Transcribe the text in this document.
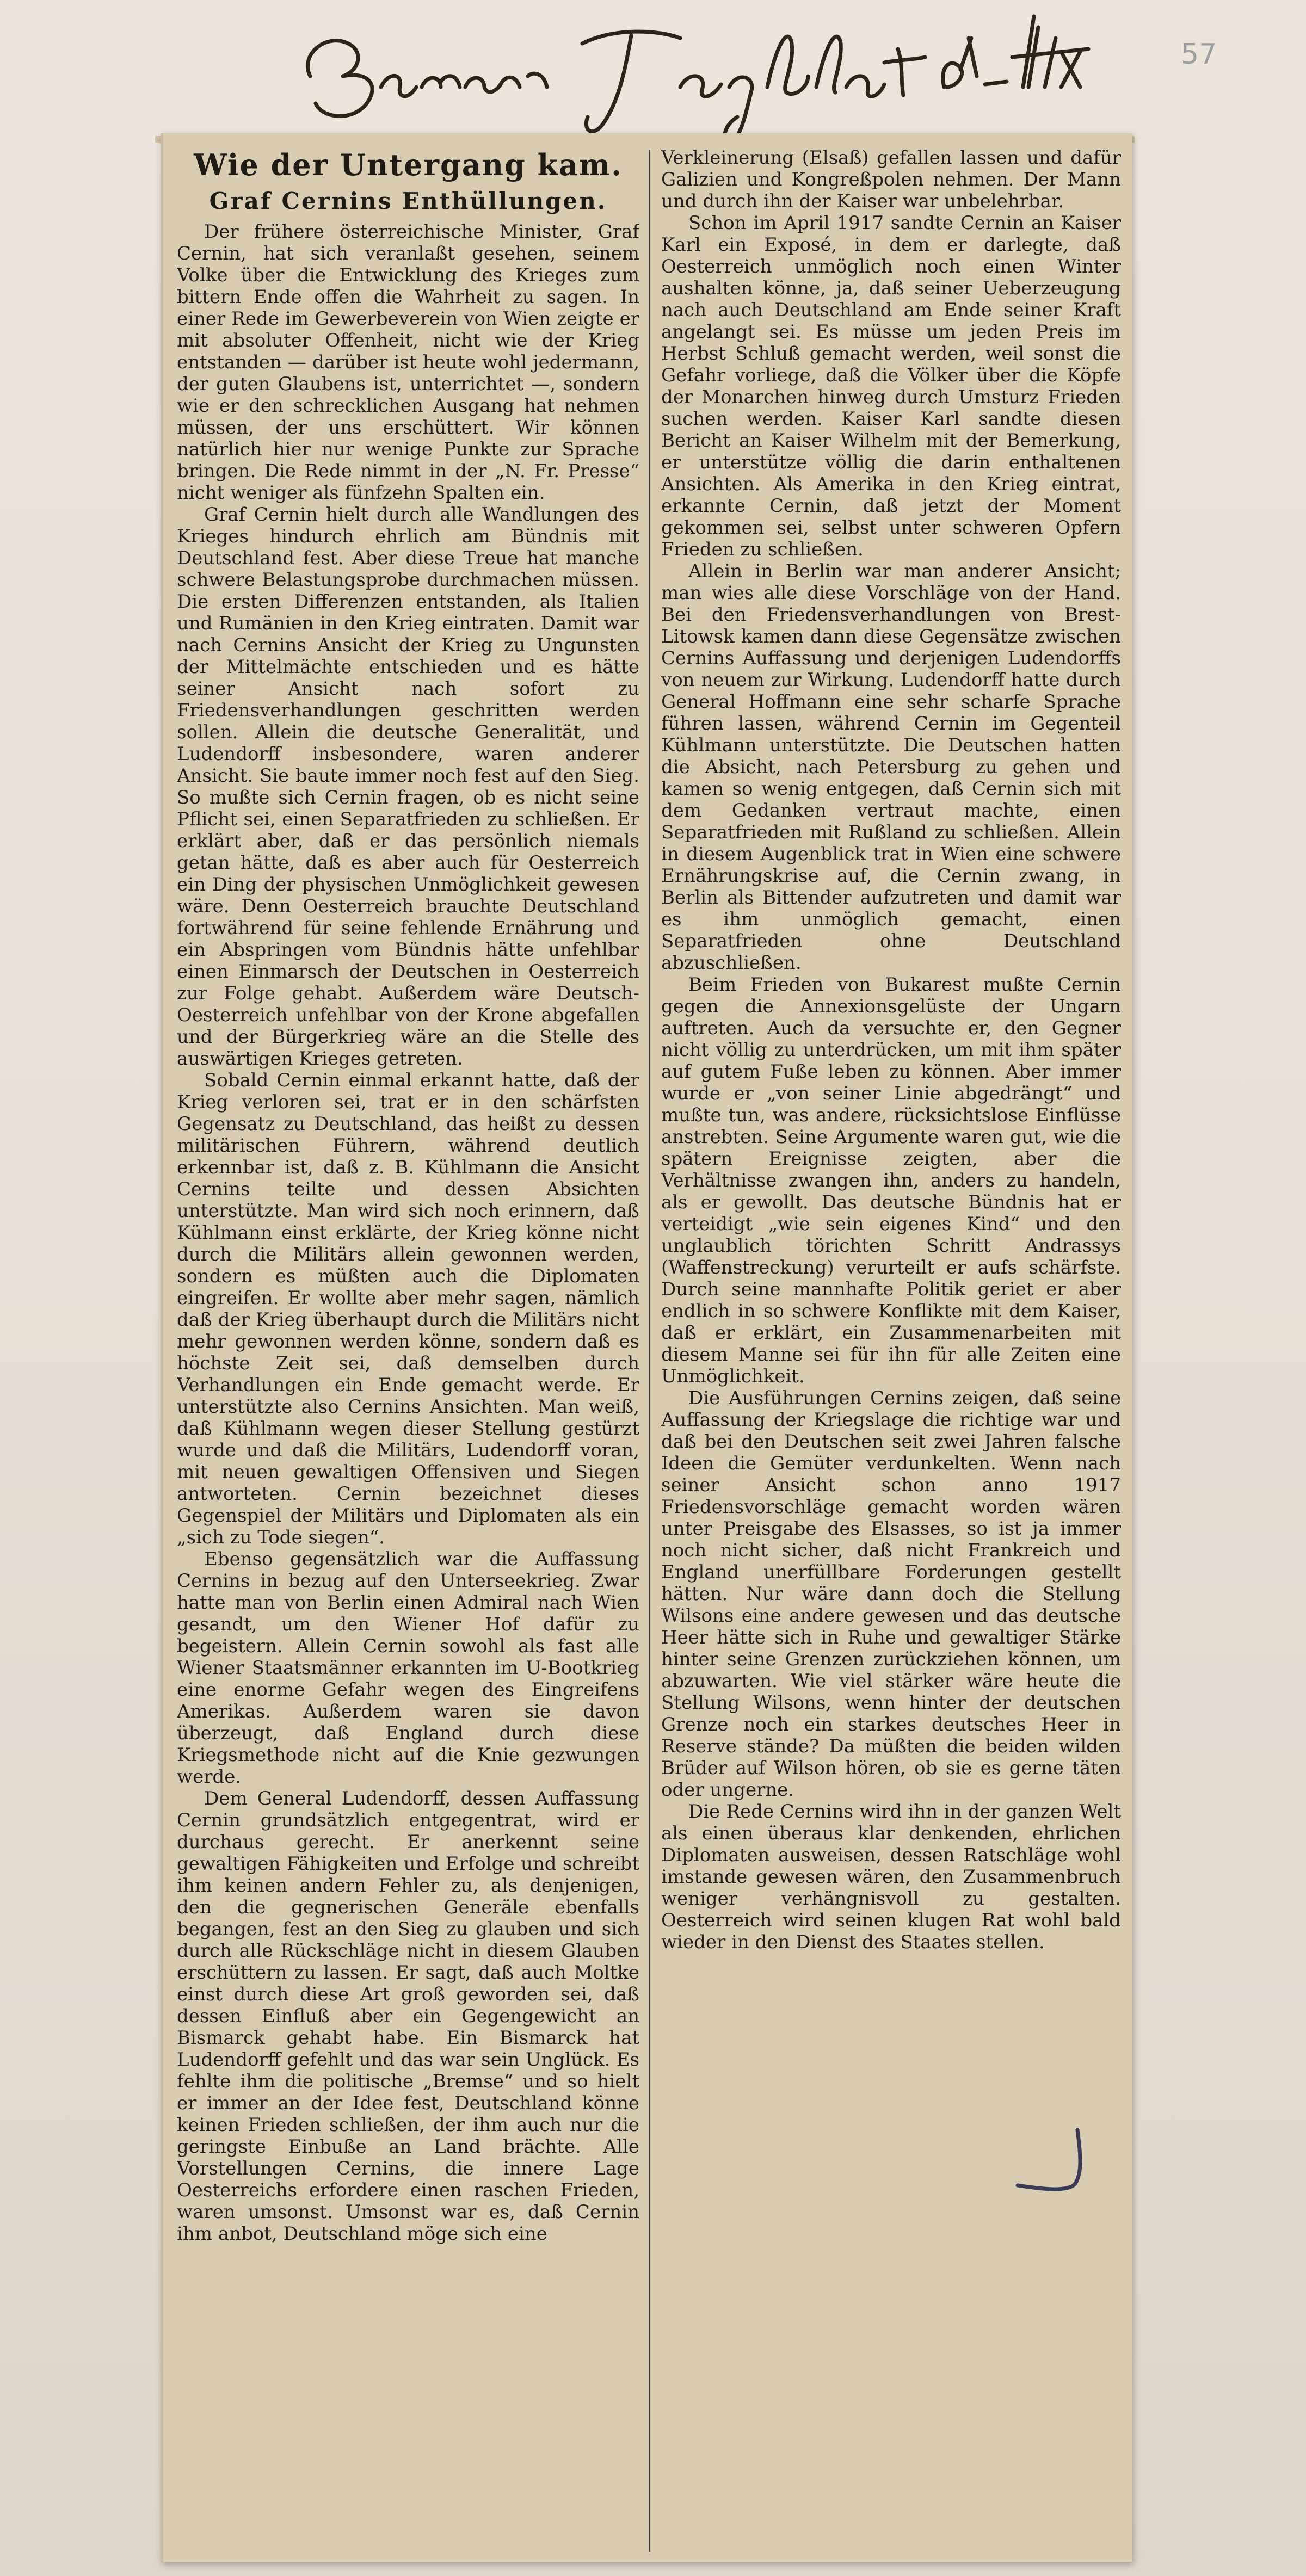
57
Wie der Untergang kam.
Graf Cernins Enthüllungen.

Der frühere österreichische Minister, Graf Cernin, hat sich veranlaßt gesehen, seinem Volke über die Entwicklung des Krieges zum bittern Ende offen die Wahrheit zu sagen. In einer Rede im Gewerbeverein von Wien zeigte er mit absoluter Offenheit, nicht wie der Krieg entstanden — darüber ist heute wohl jedermann, der guten Glaubens ist, unterrichtet —, sondern wie er den schrecklichen Ausgang hat nehmen müssen, der uns erschüttert. Wir können natürlich hier nur wenige Punkte zur Sprache bringen. Die Rede nimmt in der „N. Fr. Presse“ nicht weniger als fünfzehn Spalten ein.

Graf Cernin hielt durch alle Wandlungen des Krieges hindurch ehrlich am Bündnis mit Deutschland fest. Aber diese Treue hat manche schwere Belastungsprobe durchmachen müssen. Die ersten Differenzen entstanden, als Italien und Rumänien in den Krieg eintraten. Damit war nach Cernins Ansicht der Krieg zu Ungunsten der Mittelmächte entschieden und es hätte seiner Ansicht nach sofort zu Friedensverhandlungen geschritten werden sollen. Allein die deutsche Generalität, und Ludendorff insbesondere, waren anderer Ansicht. Sie baute immer noch fest auf den Sieg. So mußte sich Cernin fragen, ob es nicht seine Pflicht sei, einen Separatfrieden zu schließen. Er erklärt aber, daß er das persönlich niemals getan hätte, daß es aber auch für Oesterreich ein Ding der physischen Unmöglichkeit gewesen wäre. Denn Oesterreich brauchte Deutschland fortwährend für seine fehlende Ernährung und ein Abspringen vom Bündnis hätte unfehlbar einen Einmarsch der Deutschen in Oesterreich zur Folge gehabt. Außerdem wäre Deutsch-Oesterreich unfehlbar von der Krone abgefallen und der Bürgerkrieg wäre an die Stelle des auswärtigen Krieges getreten.

Sobald Cernin einmal erkannt hatte, daß der Krieg verloren sei, trat er in den schärfsten Gegensatz zu Deutschland, das heißt zu dessen militärischen Führern, während deutlich erkennbar ist, daß z. B. Kühlmann die Ansicht Cernins teilte und dessen Absichten unterstützte. Man wird sich noch erinnern, daß Kühlmann einst erklärte, der Krieg könne nicht durch die Militärs allein gewonnen werden, sondern es müßten auch die Diplomaten eingreifen. Er wollte aber mehr sagen, nämlich daß der Krieg überhaupt durch die Militärs nicht mehr gewonnen werden könne, sondern daß es höchste Zeit sei, daß demselben durch Verhandlungen ein Ende gemacht werde. Er unterstützte also Cernins Ansichten. Man weiß, daß Kühlmann wegen dieser Stellung gestürzt wurde und daß die Militärs, Ludendorff voran, mit neuen gewaltigen Offensiven und Siegen antworteten. Cernin bezeichnet dieses Gegenspiel der Militärs und Diplomaten als ein „sich zu Tode siegen“.

Ebenso gegensätzlich war die Auffassung Cernins in bezug auf den Unterseekrieg. Zwar hatte man von Berlin einen Admiral nach Wien gesandt, um den Wiener Hof dafür zu begeistern. Allein Cernin sowohl als fast alle Wiener Staatsmänner erkannten im U-Bootkrieg eine enorme Gefahr wegen des Eingreifens Amerikas. Außerdem waren sie davon überzeugt, daß England durch diese Kriegsmethode nicht auf die Knie gezwungen werde.

Dem General Ludendorff, dessen Auffassung Cernin grundsätzlich entgegentrat, wird er durchaus gerecht. Er anerkennt seine gewaltigen Fähigkeiten und Erfolge und schreibt ihm keinen andern Fehler zu, als denjenigen, den die gegnerischen Generäle ebenfalls begangen, fest an den Sieg zu glauben und sich durch alle Rückschläge nicht in diesem Glauben erschüttern zu lassen. Er sagt, daß auch Moltke einst durch diese Art groß geworden sei, daß dessen Einfluß aber ein Gegengewicht an Bismarck gehabt habe. Ein Bismarck hat Ludendorff gefehlt und das war sein Unglück. Es fehlte ihm die politische „Bremse“ und so hielt er immer an der Idee fest, Deutschland könne keinen Frieden schließen, der ihm auch nur die geringste Einbuße an Land brächte. Alle Vorstellungen Cernins, die innere Lage Oesterreichs erfordere einen raschen Frieden, waren umsonst. Umsonst war es, daß Cernin ihm anbot, Deutschland möge sich eine

Verkleinerung (Elsaß) gefallen lassen und dafür Galizien und Kongreßpolen nehmen. Der Mann und durch ihn der Kaiser war unbelehrbar.

Schon im April 1917 sandte Cernin an Kaiser Karl ein Exposé, in dem er darlegte, daß Oesterreich unmöglich noch einen Winter aushalten könne, ja, daß seiner Ueberzeugung nach auch Deutschland am Ende seiner Kraft angelangt sei. Es müsse um jeden Preis im Herbst Schluß gemacht werden, weil sonst die Gefahr vorliege, daß die Völker über die Köpfe der Monarchen hinweg durch Umsturz Frieden suchen werden. Kaiser Karl sandte diesen Bericht an Kaiser Wilhelm mit der Bemerkung, er unterstütze völlig die darin enthaltenen Ansichten. Als Amerika in den Krieg eintrat, erkannte Cernin, daß jetzt der Moment gekommen sei, selbst unter schweren Opfern Frieden zu schließen.

Allein in Berlin war man anderer Ansicht; man wies alle diese Vorschläge von der Hand. Bei den Friedensverhandlungen von Brest-Litowsk kamen dann diese Gegensätze zwischen Cernins Auffassung und derjenigen Ludendorffs von neuem zur Wirkung. Ludendorff hatte durch General Hoffmann eine sehr scharfe Sprache führen lassen, während Cernin im Gegenteil Kühlmann unterstützte. Die Deutschen hatten die Absicht, nach Petersburg zu gehen und kamen so wenig entgegen, daß Cernin sich mit dem Gedanken vertraut machte, einen Separatfrieden mit Rußland zu schließen. Allein in diesem Augenblick trat in Wien eine schwere Ernährungskrise auf, die Cernin zwang, in Berlin als Bittender aufzutreten und damit war es ihm unmöglich gemacht, einen Separatfrieden ohne Deutschland abzuschließen.

Beim Frieden von Bukarest mußte Cernin gegen die Annexionsgelüste der Ungarn auftreten. Auch da versuchte er, den Gegner nicht völlig zu unterdrücken, um mit ihm später auf gutem Fuße leben zu können. Aber immer wurde er „von seiner Linie abgedrängt“ und mußte tun, was andere, rücksichtslose Einflüsse anstrebten. Seine Argumente waren gut, wie die spätern Ereignisse zeigten, aber die Verhältnisse zwangen ihn, anders zu handeln, als er gewollt. Das deutsche Bündnis hat er verteidigt „wie sein eigenes Kind“ und den unglaublich törichten Schritt Andrassys (Waffenstreckung) verurteilt er aufs schärfste. Durch seine mannhafte Politik geriet er aber endlich in so schwere Konflikte mit dem Kaiser, daß er erklärt, ein Zusammenarbeiten mit diesem Manne sei für ihn für alle Zeiten eine Unmöglichkeit.

Die Ausführungen Cernins zeigen, daß seine Auffassung der Kriegslage die richtige war und daß bei den Deutschen seit zwei Jahren falsche Ideen die Gemüter verdunkelten. Wenn nach seiner Ansicht schon anno 1917 Friedensvorschläge gemacht worden wären unter Preisgabe des Elsasses, so ist ja immer noch nicht sicher, daß nicht Frankreich und England unerfüllbare Forderungen gestellt hätten. Nur wäre dann doch die Stellung Wilsons eine andere gewesen und das deutsche Heer hätte sich in Ruhe und gewaltiger Stärke hinter seine Grenzen zurückziehen können, um abzuwarten. Wie viel stärker wäre heute die Stellung Wilsons, wenn hinter der deutschen Grenze noch ein starkes deutsches Heer in Reserve stände? Da müßten die beiden wilden Brüder auf Wilson hören, ob sie es gerne täten oder ungerne.

Die Rede Cernins wird ihn in der ganzen Welt als einen überaus klar denkenden, ehrlichen Diplomaten ausweisen, dessen Ratschläge wohl imstande gewesen wären, den Zusammenbruch weniger verhängnisvoll zu gestalten. Oesterreich wird seinen klugen Rat wohl bald wieder in den Dienst des Staates stellen.
